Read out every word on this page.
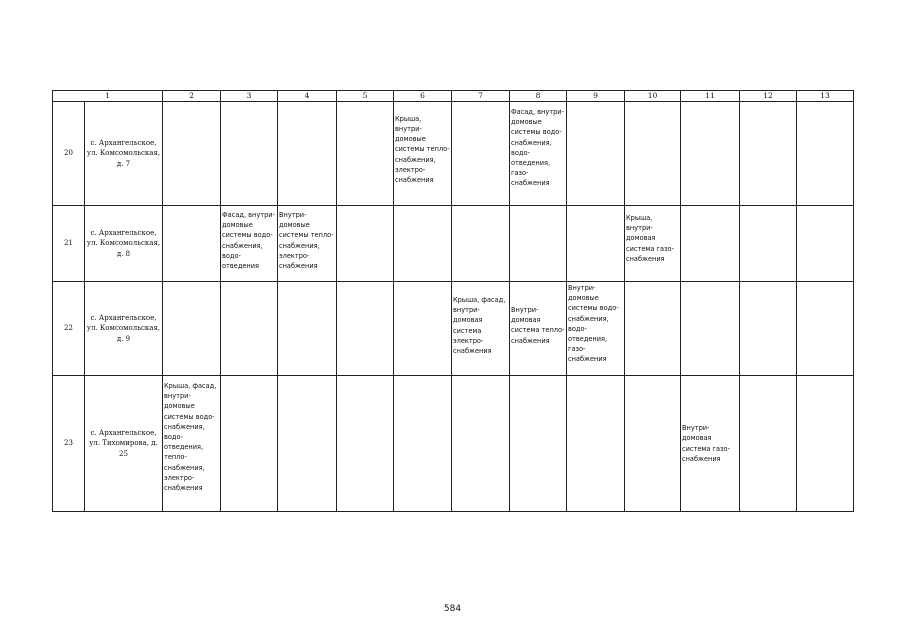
1		2	3	4	5	6	7	8	9	10	11	12	13
20	с. Архангельское, ул. Комсомольская, д. 7					Крыша, внутри-домовые системы тепло-снабжения, электро-снабжения		Фасад, внутри-домовые системы водо-снабжения, водо-отведения, газо-снабжения					

21	с. Архангельское, ул. Комсомольская, д. 8		Фасад, внутри-домовые системы водо-снабжения, водо-отведения	Внутри-домовые системы тепло-снабжения, электро-снабжения						Крыша, внутри-домовая система газо-снабжения			

22	с. Архангельское, ул. Комсомольская, д. 9						Крыша, фасад, внутри-домовая система электро-снабжения	Внутри-домовая система тепло-снабжения	Внутри-домовые системы водо-снабжения, водо-отведения, газо-снабжения				

23	с. Архангельское, ул. Тихомирова, д. 25	Крыша, фасад, внутри-домовые системы водо-снабжения, водо-отведения, тепло-снабжения, электро-снабжения									Внутри-домовая система газо-снабжения		

584
